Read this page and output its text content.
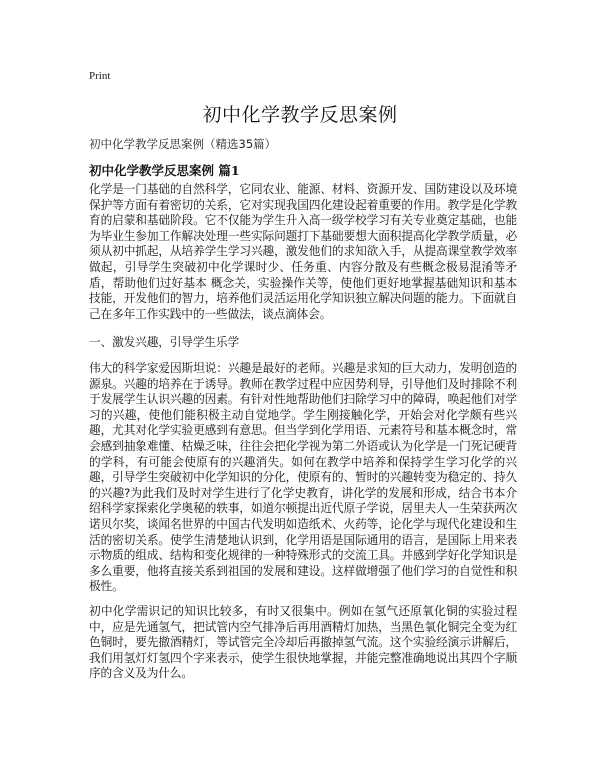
Print
初中化学教学反思案例
初中化学教学反思案例（精选35篇）
初中化学教学反思案例 篇1

化学是一门基础的自然科学，它同农业、能源、材料、资源开发、国防建设以及环境保护等方面有着密切的关系，它对实现我国四化建设起着重要的作用。教学是化学教育的启蒙和基础阶段。它不仅能为学生升入高一级学校学习有关专业奠定基础，也能为毕业生参加工作解决处理一些实际问题打下基础要想大面积提高化学教学质量，必须从初中抓起，从培养学生学习兴趣，激发他们的求知欲入手，从提高课堂教学效率做起，引导学生突破初中化学课时少、任务重、内容分散及有些概念极易混淆等矛盾，帮助他们过好基本 概念关，实验操作关等，使他们更好地掌握基础知识和基本技能，开发他们的智力，培养他们灵活运用化学知识独立解决问题的能力。下面就自己在多年工作实践中的一些做法，谈点滴体会。

一、激发兴趣，引导学生乐学

伟大的科学家爱因斯坦说：兴趣是最好的老师。兴趣是求知的巨大动力，发明创造的源泉。兴趣的培养在于诱导。教师在教学过程中应因势利导，引导他们及时排除不利于发展学生认识兴趣的因素。有针对性地帮助他们扫除学习中的障碍，唤起他们对学习的兴趣，使他们能积极主动自觉地学。学生刚接触化学，开始会对化学颇有些兴趣，尤其对化学实验更感到有意思。但当学到化学用语、元素符号和基本概念时，常会感到抽象难懂、枯燥乏味，往往会把化学视为第二外语或认为化学是一门死记硬背的学科，有可能会使原有的兴趣消失。如何在教学中培养和保持学生学习化学的兴趣，引导学生突破初中化学知识的分化，使原有的、暂时的兴趣转变为稳定的、持久的兴趣?为此我们及时对学生进行了化学史教育，讲化学的发展和形成，结合书本介绍科学家探索化学奥秘的轶事，如道尔顿提出近代原子学说，居里夫人一生荣获两次诺贝尔奖，谈闻名世界的中国古代发明如造纸术、火药等，论化学与现代化建设和生活的密切关系。使学生清楚地认识到，化学用语是国际通用的语言，是国际上用来表示物质的组成、结构和变化规律的一种特殊形式的交流工具。并感到学好化学知识是多么重要，他将直接关系到祖国的发展和建设。这样做增强了他们学习的自觉性和积极性。

初中化学需识记的知识比较多，有时又很集中。例如在氢气还原氧化铜的实验过程中，应是先通氢气，把试管内空气排净后再用酒精灯加热，当黑色氧化铜完全变为红色铜时，要先撤酒精灯，等试管完全冷却后再撤掉氢气流。这个实验经演示讲解后，我们用氢灯灯氢四个字来表示，使学生很快地掌握，并能完整准确地说出其四个字顺序的含义及为什么。
